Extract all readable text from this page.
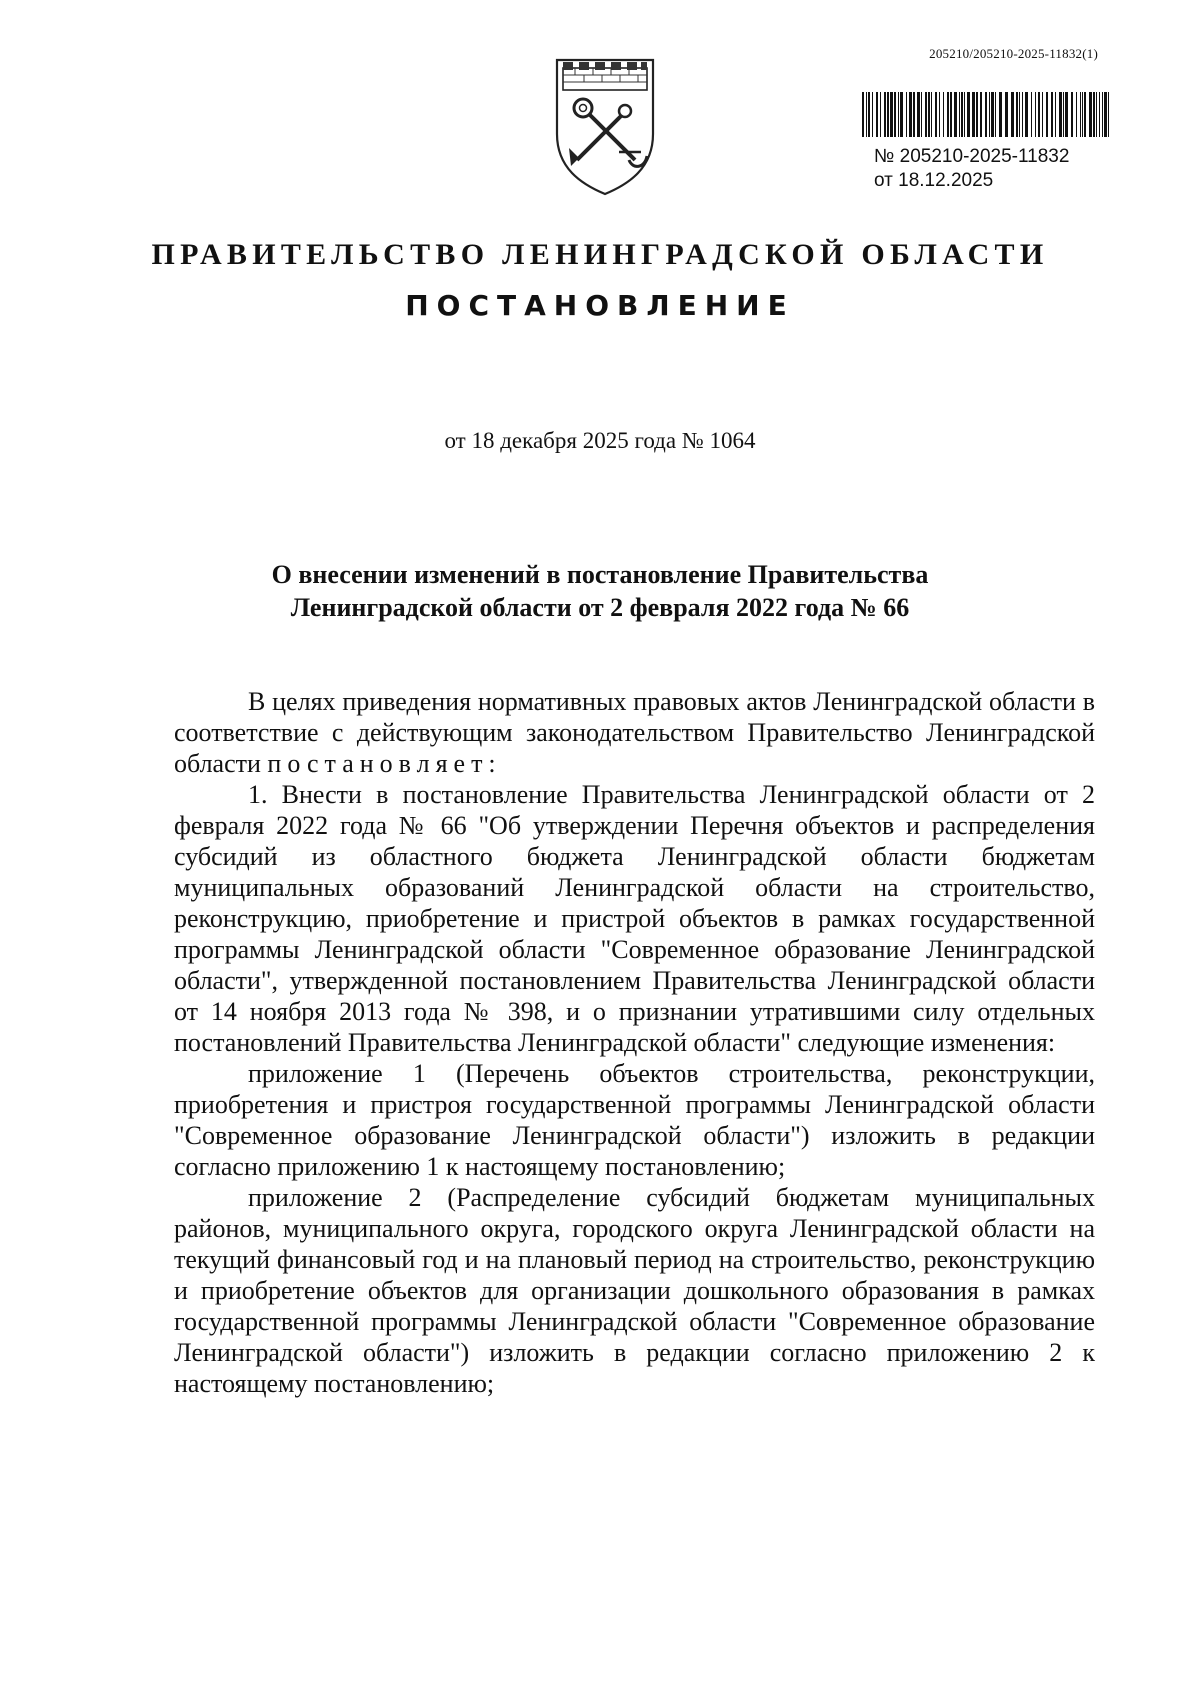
205210/205210-2025-11832(1)
№ 205210-2025-11832
от 18.12.2025
ПРАВИТЕЛЬСТВО ЛЕНИНГРАДСКОЙ ОБЛАСТИ
ПОСТАНОВЛЕНИЕ
от 18 декабря 2025 года № 1064
О внесении изменений в постановление Правительства
Ленинградской области от 2 февраля 2022 года № 66

В целях приведения нормативных правовых актов Ленинградской области в соответствие с действующим законодательством Правительство Ленинградской области постановляет:

1. Внести в постановление Правительства Ленинградской области от 2 февраля 2022 года № 66 "Об утверждении Перечня объектов и распределения субсидий из областного бюджета Ленинградской области бюджетам муниципальных образований Ленинградской области на строительство, реконструкцию, приобретение и пристрой объектов в рамках государственной программы Ленинградской области "Современное образование Ленинградской области", утвержденной постановлением Правительства Ленинградской области от 14 ноября 2013 года № 398, и о признании утратившими силу отдельных постановлений Правительства Ленинградской области" следующие изменения:

приложение 1 (Перечень объектов строительства, реконструкции, приобретения и пристроя государственной программы Ленинградской области "Современное образование Ленинградской области") изложить в редакции согласно приложению 1 к настоящему постановлению;

приложение 2 (Распределение субсидий бюджетам муниципальных районов, муниципального округа, городского округа Ленинградской области на текущий финансовый год и на плановый период на строительство, реконструкцию и приобретение объектов для организации дошкольного образования в рамках государственной программы Ленинградской области "Современное образование Ленинградской области") изложить в редакции согласно приложению 2 к настоящему постановлению;
